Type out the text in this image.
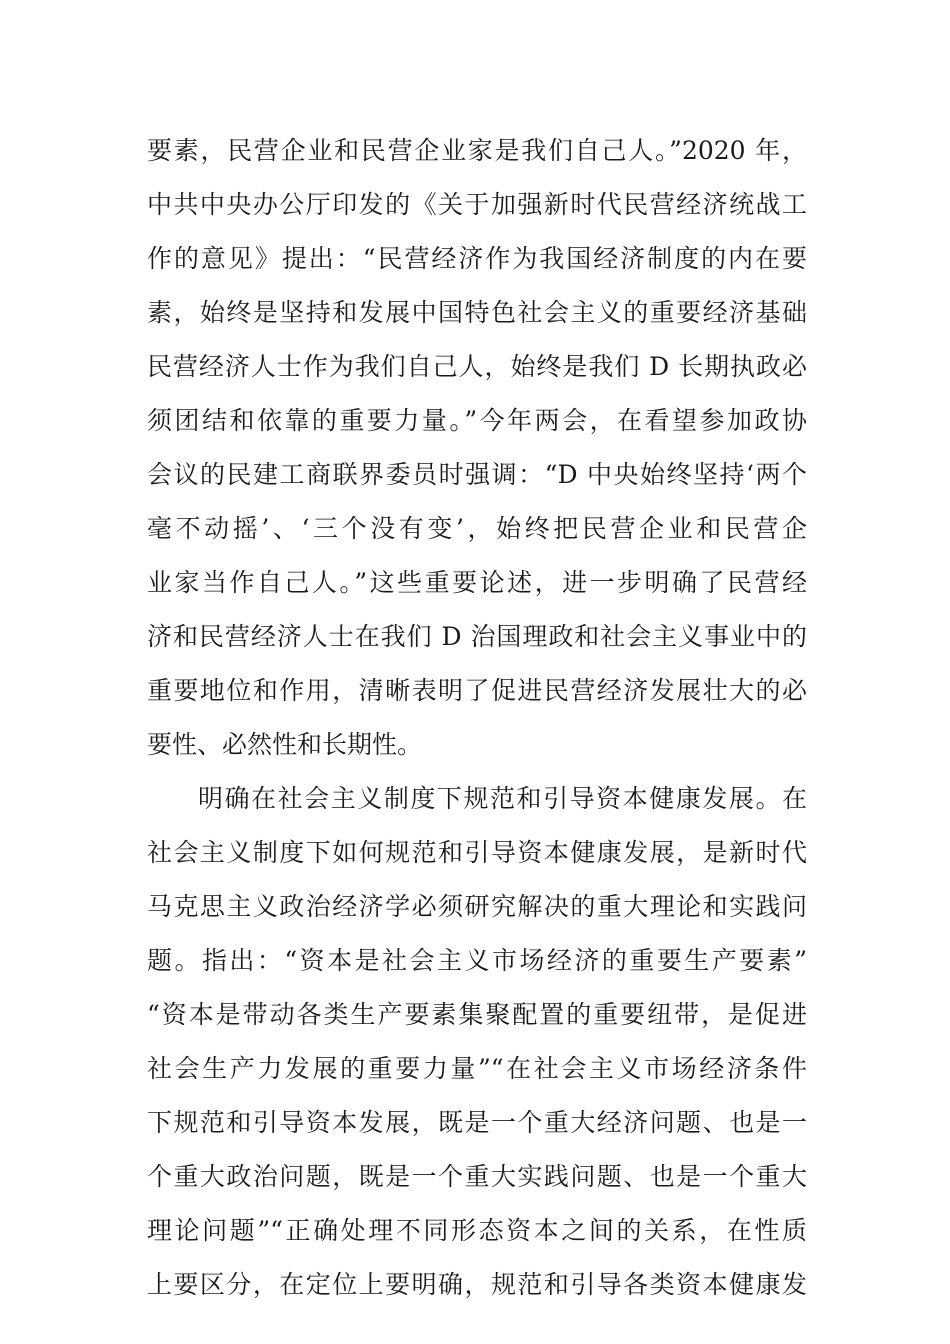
要素，民营企业和民营企业家是我们自己人。”2020 年，
中共中央办公厅印发的《关于加强新时代民营经济统战工
作的意见》提出：“民营经济作为我国经济制度的内在要
素，始终是坚持和发展中国特色社会主义的重要经济基础
民营经济人士作为我们自己人，始终是我们 D 长期执政必
须团结和依靠的重要力量。”今年两会，在看望参加政协
会议的民建工商联界委员时强调：“D 中央始终坚持‘两个
毫不动摇’、‘三个没有变’，始终把民营企业和民营企
业家当作自己人。”这些重要论述，进一步明确了民营经
济和民营经济人士在我们 D 治国理政和社会主义事业中的
重要地位和作用，清晰表明了促进民营经济发展壮大的必
要性、必然性和长期性。
明确在社会主义制度下规范和引导资本健康发展。在
社会主义制度下如何规范和引导资本健康发展，是新时代
马克思主义政治经济学必须研究解决的重大理论和实践问
题。指出：“资本是社会主义市场经济的重要生产要素”
“资本是带动各类生产要素集聚配置的重要纽带，是促进
社会生产力发展的重要力量”“在社会主义市场经济条件
下规范和引导资本发展，既是一个重大经济问题、也是一
个重大政治问题，既是一个重大实践问题、也是一个重大
理论问题”“正确处理不同形态资本之间的关系，在性质
上要区分，在定位上要明确，规范和引导各类资本健康发
